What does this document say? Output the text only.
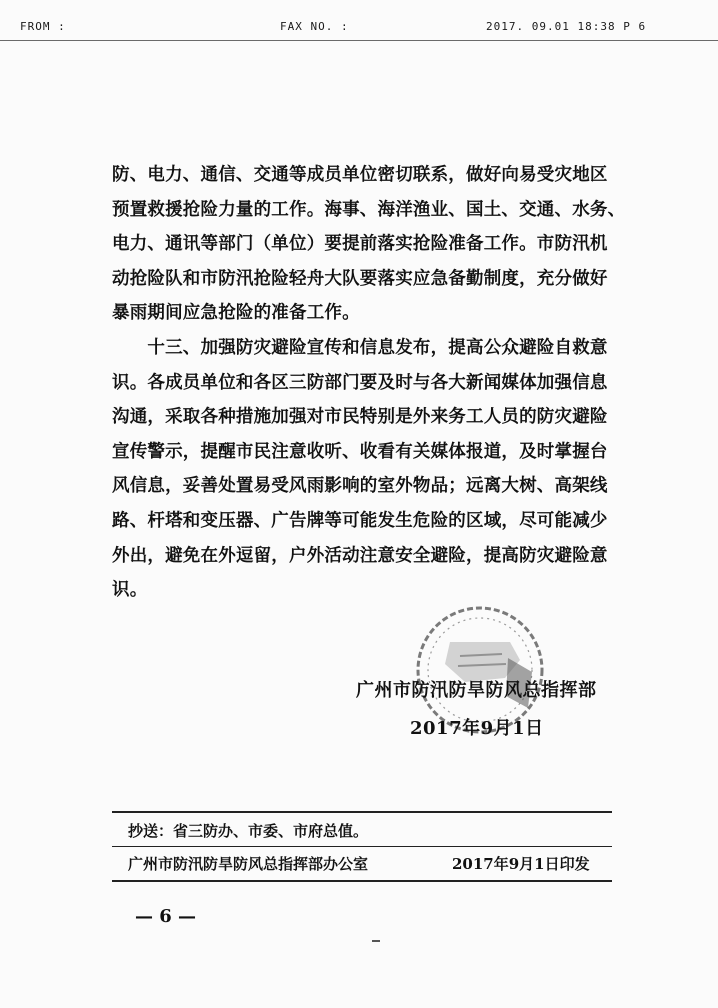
FROM :	FAX NO. :	2017. 09.01 18:38 P 6

防、电力、通信、交通等成员单位密切联系，做好向易受灾地区
预置救援抢险力量的工作。海事、海洋渔业、国土、交通、水务、
电力、通讯等部门（单位）要提前落实抢险准备工作。市防汛机
动抢险队和市防汛抢险轻舟大队要落实应急备勤制度，充分做好
暴雨期间应急抢险的准备工作。

　　十三、加强防灾避险宣传和信息发布，提高公众避险自救意
识。各成员单位和各区三防部门要及时与各大新闻媒体加强信息
沟通，采取各种措施加强对市民特别是外来务工人员的防灾避险
宣传警示，提醒市民注意收听、收看有关媒体报道，及时掌握台
风信息，妥善处置易受风雨影响的室外物品；远离大树、高架线
路、杆塔和变压器、广告牌等可能发生危险的区域，尽可能减少
外出，避免在外逗留，户外活动注意安全避险，提高防灾避险意
识。

广州市防汛防旱防风总指挥部
2017年9月1日
抄送：省三防办、市委、市府总值。
广州市防汛防旱防风总指挥部办公室	2017年9月1日印发
— 6 —
